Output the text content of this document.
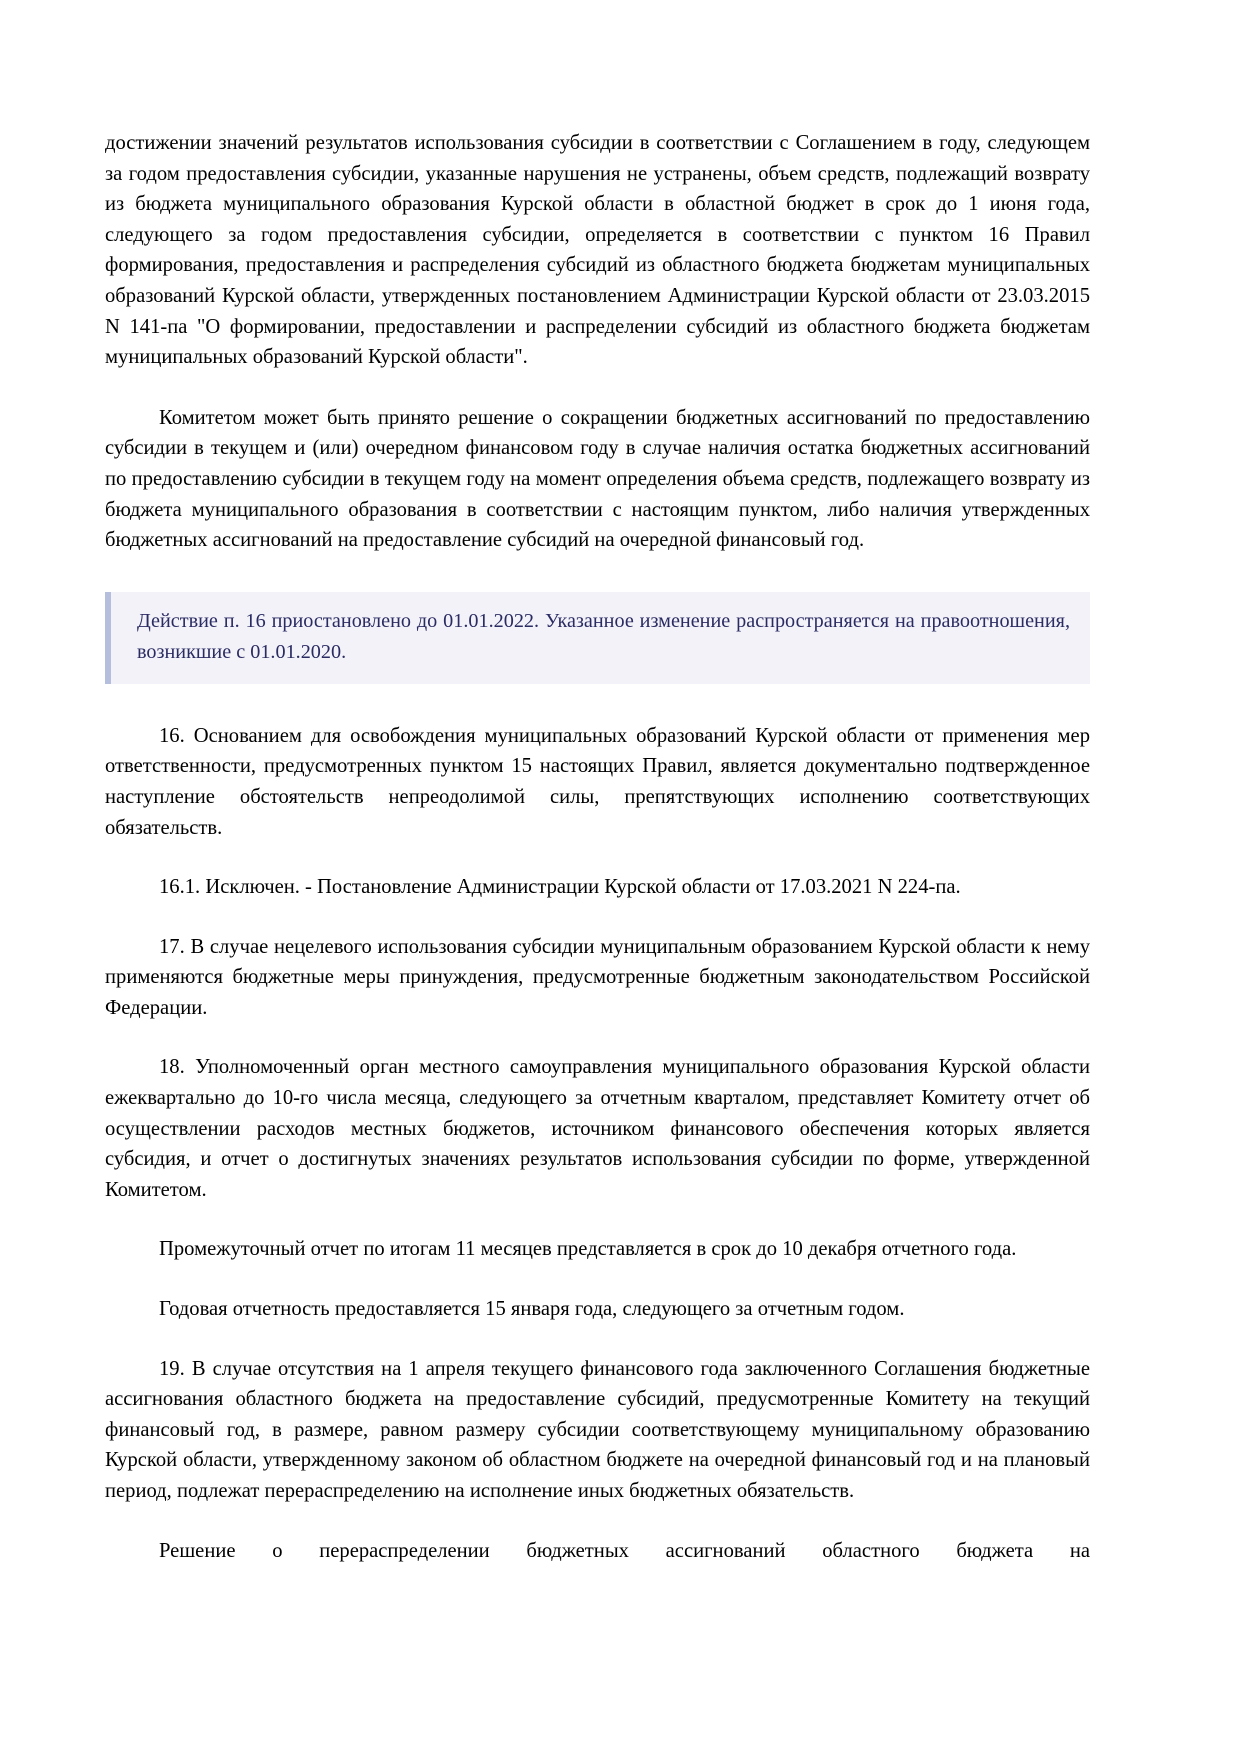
достижении значений результатов использования субсидии в соответствии с Соглашением в году, следующем за годом предоставления субсидии, указанные нарушения не устранены, объем средств, подлежащий возврату из бюджета муниципального образования Курской области в областной бюджет в срок до 1 июня года, следующего за годом предоставления субсидии, определяется в соответствии с пунктом 16 Правил формирования, предоставления и распределения субсидий из областного бюджета бюджетам муниципальных образований Курской области, утвержденных постановлением Администрации Курской области от 23.03.2015 N 141-па "О формировании, предоставлении и распределении субсидий из областного бюджета бюджетам муниципальных образований Курской области".

Комитетом может быть принято решение о сокращении бюджетных ассигнований по предоставлению субсидии в текущем и (или) очередном финансовом году в случае наличия остатка бюджетных ассигнований по предоставлению субсидии в текущем году на момент определения объема средств, подлежащего возврату из бюджета муниципального образования в соответствии с настоящим пунктом, либо наличия утвержденных бюджетных ассигнований на предоставление субсидий на очередной финансовый год.

Действие п. 16 приостановлено до 01.01.2022. Указанное изменение распространяется на правоотношения, возникшие с 01.01.2020.

16. Основанием для освобождения муниципальных образований Курской области от применения мер ответственности, предусмотренных пунктом 15 настоящих Правил, является документально подтвержденное наступление обстоятельств непреодолимой силы, препятствующих исполнению соответствующих обязательств.

16.1. Исключен. - Постановление Администрации Курской области от 17.03.2021 N 224-па.

17. В случае нецелевого использования субсидии муниципальным образованием Курской области к нему применяются бюджетные меры принуждения, предусмотренные бюджетным законодательством Российской Федерации.

18. Уполномоченный орган местного самоуправления муниципального образования Курской области ежеквартально до 10-го числа месяца, следующего за отчетным кварталом, представляет Комитету отчет об осуществлении расходов местных бюджетов, источником финансового обеспечения которых является субсидия, и отчет о достигнутых значениях результатов использования субсидии по форме, утвержденной Комитетом.

Промежуточный отчет по итогам 11 месяцев представляется в срок до 10 декабря отчетного года.

Годовая отчетность предоставляется 15 января года, следующего за отчетным годом.

19. В случае отсутствия на 1 апреля текущего финансового года заключенного Соглашения бюджетные ассигнования областного бюджета на предоставление субсидий, предусмотренные Комитету на текущий финансовый год, в размере, равном размеру субсидии соответствующему муниципальному образованию Курской области, утвержденному законом об областном бюджете на очередной финансовый год и на плановый период, подлежат перераспределению на исполнение иных бюджетных обязательств.

Решение о перераспределении бюджетных ассигнований областного бюджета на
